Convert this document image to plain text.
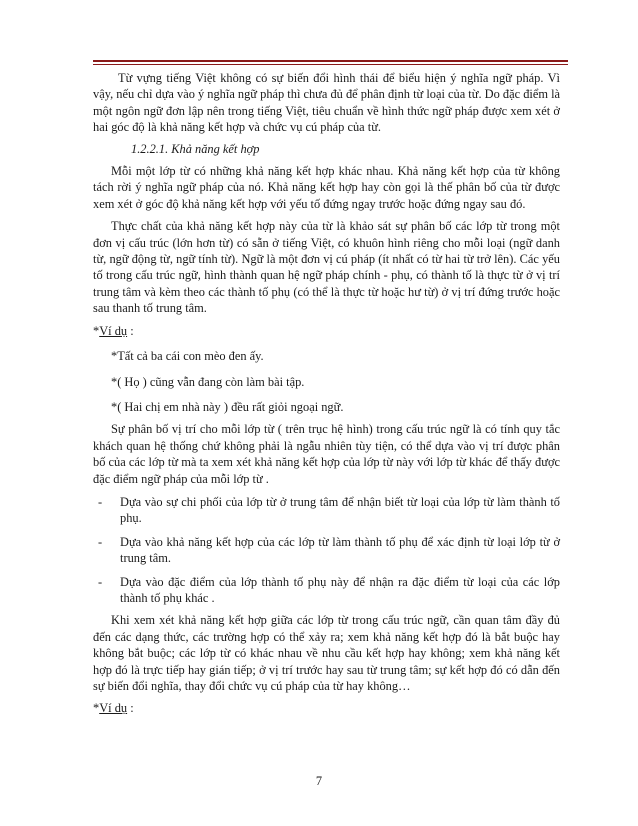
Từ vựng tiếng Việt không có sự biến đổi hình thái để biểu hiện ý nghĩa ngữ pháp. Vì vậy, nếu chỉ dựa vào ý nghĩa ngữ pháp thì chưa đủ để phân định từ loại của từ. Do đặc điểm là một ngôn ngữ đơn lập nên trong tiếng Việt, tiêu chuẩn về hình thức ngữ pháp được xem xét ở hai góc độ là khả năng kết hợp và chức vụ cú pháp của từ.

1.2.2.1. Khả năng kết hợp

Mỗi một lớp từ có những khả năng kết hợp khác nhau. Khả năng kết hợp của từ không tách rời ý nghĩa ngữ pháp của nó. Khả năng kết hợp hay còn gọi là thế phân bố của từ được xem xét ở góc độ khả năng kết hợp với yếu tố đứng ngay trước hoặc đứng ngay sau đó.

Thực chất của khả năng kết hợp này của từ là khảo sát sự phân bố các lớp từ trong một đơn vị cấu trúc (lớn hơn từ) có sẵn ở tiếng Việt, có khuôn hình riêng cho mỗi loại (ngữ danh từ, ngữ động từ, ngữ tính từ). Ngữ là một đơn vị cú pháp (ít nhất có từ hai từ trở lên). Các yếu tố trong cấu trúc ngữ, hình thành quan hệ ngữ pháp chính - phụ, có thành tố là thực từ ở vị trí trung tâm và kèm theo các thành tố phụ (có thể là thực từ hoặc hư từ) ở vị trí đứng trước hoặc sau thanh tố trung tâm.

*Ví dụ :

*Tất cả ba cái con mèo đen ấy.

*( Họ ) cũng vẫn đang còn làm bài tập.

*( Hai chị em nhà này ) đều rất giỏi ngoại ngữ.

Sự phân bố vị trí cho mỗi lớp từ ( trên trục hệ hình) trong cấu trúc ngữ là có tính quy tắc khách quan hệ thống chứ không phải là ngẫu nhiên tùy tiện, có thể dựa vào vị trí được phân bố của các lớp từ mà ta xem xét khả năng kết hợp của lớp từ này với lớp từ khác để thấy được đặc điểm ngữ pháp của mỗi lớp từ .

-	Dựa vào sự chi phối của lớp từ ở trung tâm để nhận biết từ loại của lớp từ làm thành tố phụ.
-	Dựa vào khả năng kết hợp của các lớp từ làm thành tố phụ để xác định từ loại lớp từ ở trung tâm.
-	Dựa vào đặc điểm của lớp thành tố phụ này để nhận ra đặc điểm từ loại của các lớp thành tố phụ khác .

Khi xem xét khả năng kết hợp giữa các lớp từ trong cấu trúc ngữ, cần quan tâm đầy đủ đến các dạng thức, các trường hợp có thể xảy ra; xem khả năng kết hợp đó là bắt buộc hay không bắt buộc; các lớp từ có khác nhau về nhu cầu kết hợp hay không; xem khả năng kết hợp đó là trực tiếp hay gián tiếp; ở vị trí trước hay sau từ trung tâm; sự kết hợp đó có dẫn đến sự biến đổi nghĩa, thay đổi chức vụ cú pháp của từ hay không…

*Ví dụ :

7
